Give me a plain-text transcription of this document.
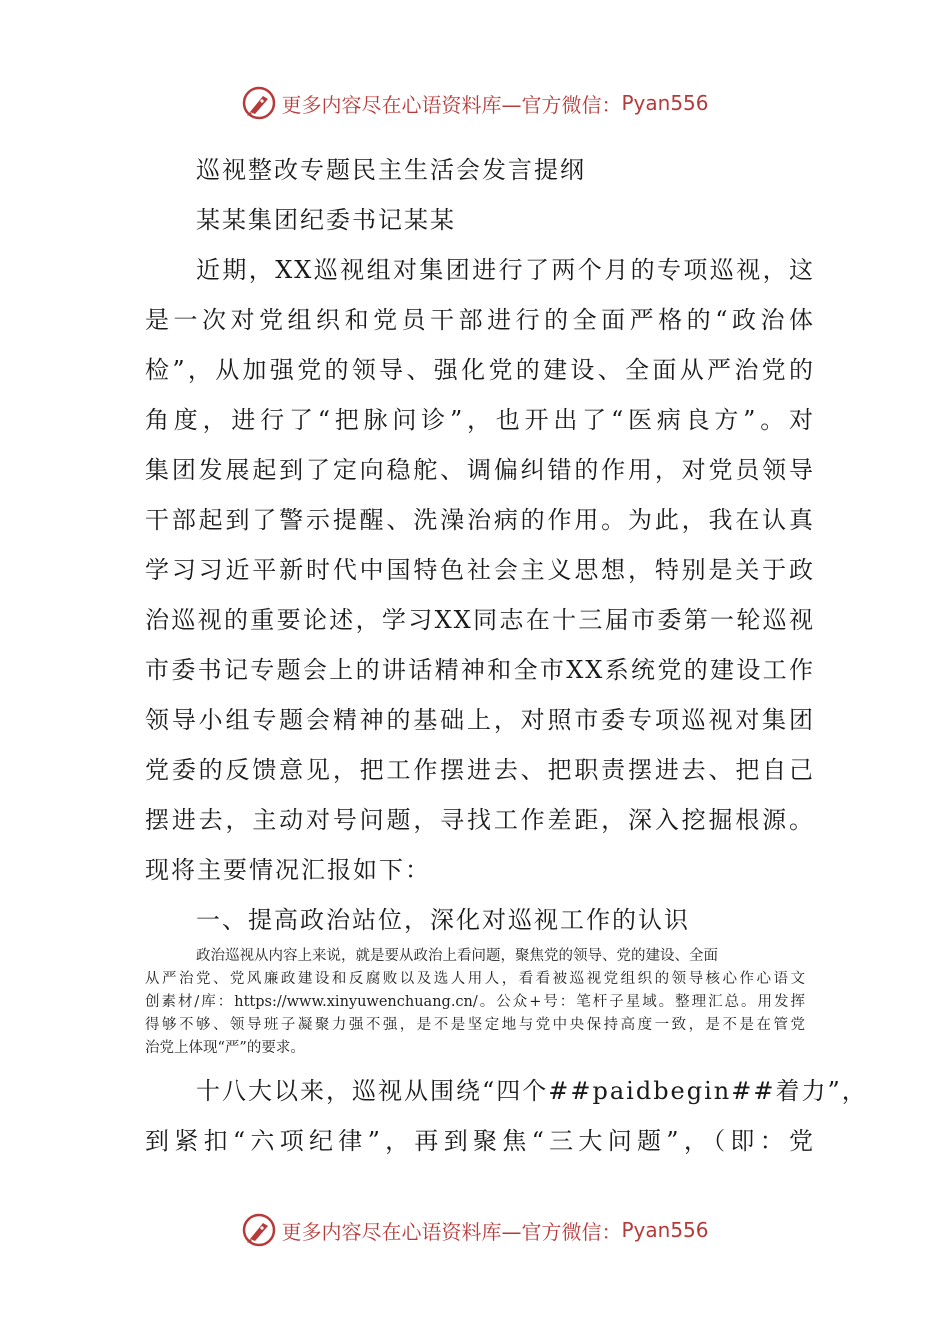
更多内容尽在心语资料库—官方微信： Pyan556
巡视整改专题民主生活会发言提纲
某某集团纪委书记某某
近期，XX巡视组对集团进行了两个月的专项巡视，这
是一次对党组织和党员干部进行的全面严格的“政治体
检”，从加强党的领导、强化党的建设、全面从严治党的
角度，进行了“把脉问诊”，也开出了“医病良方”。对
集团发展起到了定向稳舵、调偏纠错的作用，对党员领导
干部起到了警示提醒、洗澡治病的作用。为此，我在认真
学习习近平新时代中国特色社会主义思想，特别是关于政
治巡视的重要论述，学习XX同志在十三届市委第一轮巡视
市委书记专题会上的讲话精神和全市XX系统党的建设工作
领导小组专题会精神的基础上，对照市委专项巡视对集团
党委的反馈意见，把工作摆进去、把职责摆进去、把自己
摆进去，主动对号问题，寻找工作差距，深入挖掘根源。
现将主要情况汇报如下：
一、提高政治站位，深化对巡视工作的认识
政治巡视从内容上来说，就是要从政治上看问题，聚焦党的领导、党的建设、全面
从严治党、党风廉政建设和反腐败以及选人用人，看看被巡视党组织的领导核心作心语文
创素材/库：https://www.xinyuwenchuang.cn/。公众+号：笔杆子星域。整理汇总。用发挥
得够不够、领导班子凝聚力强不强，是不是坚定地与党中央保持高度一致，是不是在管党
治党上体现“严”的要求。
十八大以来，巡视从围绕“四个##paidbegin##着力”，
到紧扣“六项纪律”，再到聚焦“三大问题”，（即：党
更多内容尽在心语资料库—官方微信： Pyan556
